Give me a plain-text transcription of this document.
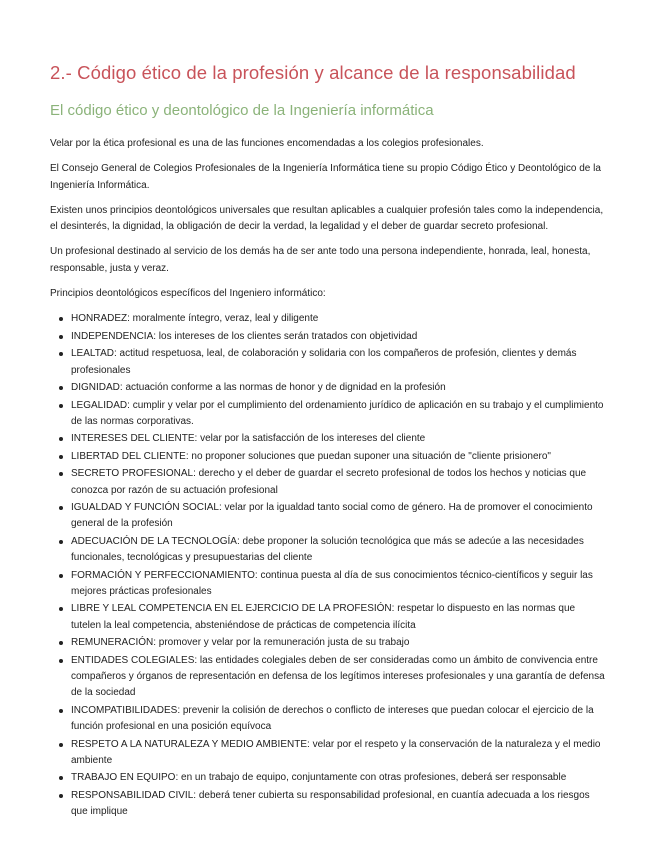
2.- Código ético de la profesión y alcance de la responsabilidad
El código ético y deontológico de la Ingeniería informática

Velar por la ética profesional es una de las funciones encomendadas a los colegios profesionales.

El Consejo General de Colegios Profesionales de la Ingeniería Informática tiene su propio Código Ético y Deontológico de la Ingeniería Informática.

Existen unos principios deontológicos universales que resultan aplicables a cualquier profesión tales como la independencia, el desinterés, la dignidad, la obligación de decir la verdad, la legalidad y el deber de guardar secreto profesional.

Un profesional destinado al servicio de los demás ha de ser ante todo una persona independiente, honrada, leal, honesta, responsable, justa y veraz.

Principios deontológicos específicos del Ingeniero informático:

HONRADEZ: moralmente íntegro, veraz, leal y diligente
INDEPENDENCIA: los intereses de los clientes serán tratados con objetividad
LEALTAD: actitud respetuosa, leal, de colaboración y solidaria con los compañeros de profesión, clientes y demás profesionales
DIGNIDAD: actuación conforme a las normas de honor y de dignidad en la profesión
LEGALIDAD: cumplir y velar por el cumplimiento del ordenamiento jurídico de aplicación en su trabajo y el cumplimiento de las normas corporativas.
INTERESES DEL CLIENTE: velar por la satisfacción de los intereses del cliente
LIBERTAD DEL CLIENTE: no proponer soluciones que puedan suponer una situación de "cliente prisionero"
SECRETO PROFESIONAL: derecho y el deber de guardar el secreto profesional de todos los hechos y noticias que conozca por razón de su actuación profesional
IGUALDAD Y FUNCIÓN SOCIAL: velar por la igualdad tanto social como de género. Ha de promover el conocimiento general de la profesión
ADECUACIÓN DE LA TECNOLOGÍA: debe proponer la solución tecnológica que más se adecúe a las necesidades funcionales, tecnológicas y presupuestarias del cliente
FORMACIÓN Y PERFECCIONAMIENTO: continua puesta al día de sus conocimientos técnico-científicos y seguir las mejores prácticas profesionales
LIBRE Y LEAL COMPETENCIA EN EL EJERCICIO DE LA PROFESIÓN: respetar lo dispuesto en las normas que tutelen la leal competencia, absteniéndose de prácticas de competencia ilícita
REMUNERACIÓN: promover y velar por la remuneración justa de su trabajo
ENTIDADES COLEGIALES: las entidades colegiales deben de ser consideradas como un ámbito de convivencia entre compañeros y órganos de representación en defensa de los legítimos intereses profesionales y una garantía de defensa de la sociedad
INCOMPATIBILIDADES: prevenir la colisión de derechos o conflicto de intereses que puedan colocar el ejercicio de la función profesional en una posición equívoca
RESPETO A LA NATURALEZA Y MEDIO AMBIENTE: velar por el respeto y la conservación de la naturaleza y el medio ambiente
TRABAJO EN EQUIPO: en un trabajo de equipo, conjuntamente con otras profesiones, deberá ser responsable
RESPONSABILIDAD CIVIL: deberá tener cubierta su responsabilidad profesional, en cuantía adecuada a los riesgos que implique
